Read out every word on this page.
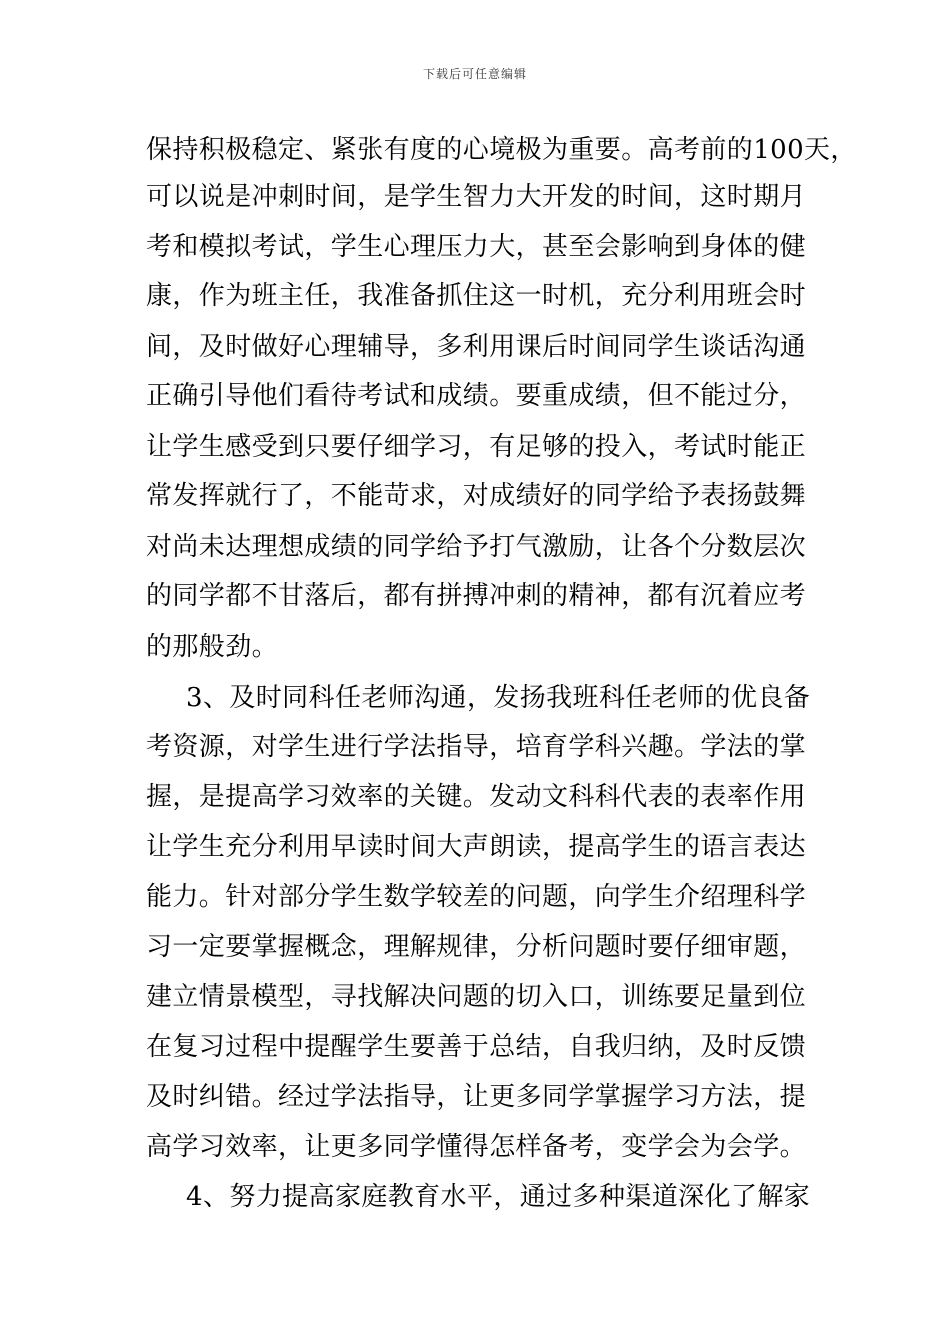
下载后可任意编辑
保持积极稳定、紧张有度的心境极为重要。高考前的100天，
可以说是冲刺时间，是学生智力大开发的时间，这时期月
考和模拟考试，学生心理压力大，甚至会影响到身体的健
康，作为班主任，我准备抓住这一时机，充分利用班会时
间，及时做好心理辅导，多利用课后时间同学生谈话沟通
正确引导他们看待考试和成绩。要重成绩，但不能过分，
让学生感受到只要仔细学习，有足够的投入，考试时能正
常发挥就行了，不能苛求，对成绩好的同学给予表扬鼓舞
对尚未达理想成绩的同学给予打气激励，让各个分数层次
的同学都不甘落后，都有拼搏冲刺的精神，都有沉着应考
的那般劲。
3、及时同科任老师沟通，发扬我班科任老师的优良备
考资源，对学生进行学法指导，培育学科兴趣。学法的掌
握，是提高学习效率的关键。发动文科科代表的表率作用
让学生充分利用早读时间大声朗读，提高学生的语言表达
能力。针对部分学生数学较差的问题，向学生介绍理科学
习一定要掌握概念，理解规律，分析问题时要仔细审题，
建立情景模型，寻找解决问题的切入口，训练要足量到位
在复习过程中提醒学生要善于总结，自我归纳，及时反馈
及时纠错。经过学法指导，让更多同学掌握学习方法，提
高学习效率，让更多同学懂得怎样备考，变学会为会学。
4、努力提高家庭教育水平，通过多种渠道深化了解家
